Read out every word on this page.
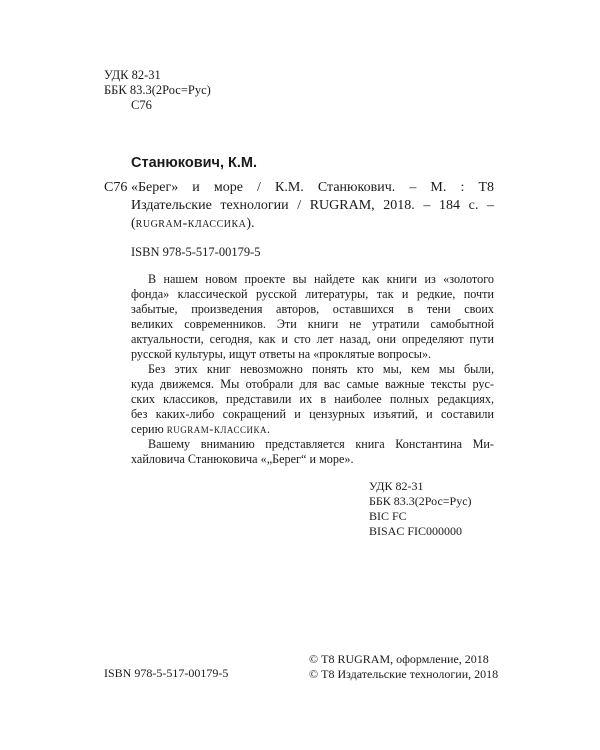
УДК 82-31
ББК 83.3(2Рос=Рус)
С76
Станюкович, К.М.
С76 «Берег» и море / К.М. Станюкович. – М. : Т8
Издательские технологии / RUGRAM, 2018. – 184 с. –
(rugram-классика).
ISBN 978-5-517-00179-5
В нашем новом проекте вы найдете как книги из «золотого
фонда» классической русской литературы, так и редкие, почти
забытые, произведения авторов, оставшихся в тени своих
великих современников. Эти книги не утратили самобытной
актуальности, сегодня, как и сто лет назад, они определяют пути
русской культуры, ищут ответы на «проклятые вопросы».
Без этих книг невозможно понять кто мы, кем мы были,
куда движемся. Мы отобрали для вас самые важные тексты рус-
ских классиков, представили их в наиболее полных редакциях,
без каких-либо сокращений и цензурных изъятий, и составили
серию rugram-классика.
Вашему вниманию представляется книга Константина Ми-
хайловича Станюковича «„Берег“ и море».
УДК 82-31
ББК 83.3(2Рос=Рус)
BIC FC
BISAC FIC000000
ISBN 978-5-517-00179-5
© Т8 RUGRAM, оформление, 2018
© Т8 Издательские технологии, 2018
